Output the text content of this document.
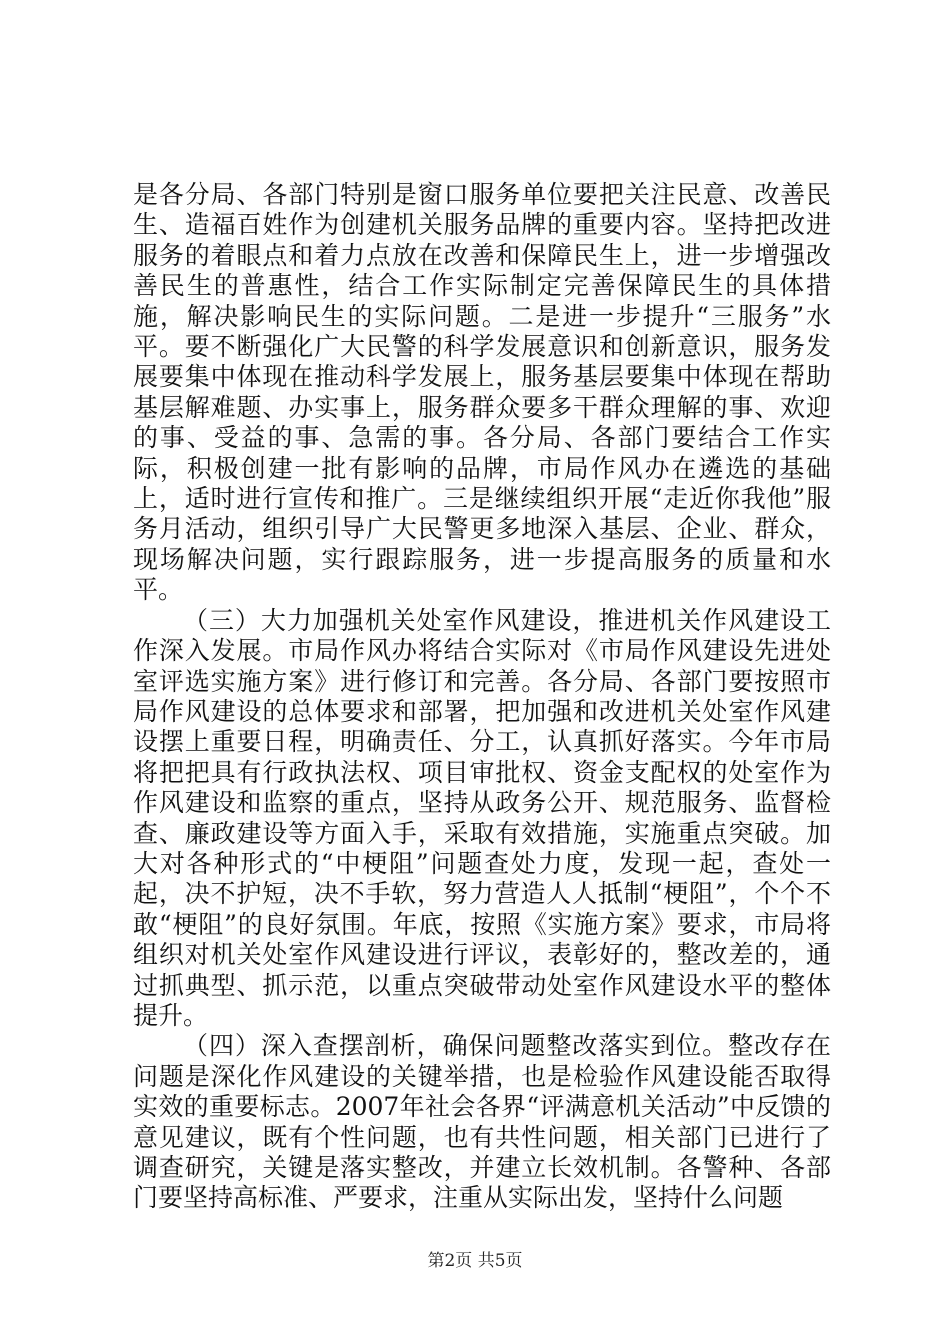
是各分局、各部门特别是窗口服务单位要把关注民意、改善民生、造福百姓作为创建机关服务品牌的重要内容。坚持把改进服务的着眼点和着力点放在改善和保障民生上，进一步增强改善民生的普惠性，结合工作实际制定完善保障民生的具体措施，解决影响民生的实际问题。二是进一步提升“三服务”水平。要不断强化广大民警的科学发展意识和创新意识，服务发展要集中体现在推动科学发展上，服务基层要集中体现在帮助基层解难题、办实事上，服务群众要多干群众理解的事、欢迎的事、受益的事、急需的事。各分局、各部门要结合工作实际，积极创建一批有影响的品牌，市局作风办在遴选的基础上，适时进行宣传和推广。三是继续组织开展“走近你我他”服务月活动，组织引导广大民警更多地深入基层、企业、群众，现场解决问题，实行跟踪服务，进一步提高服务的质量和水平。

（三）大力加强机关处室作风建设，推进机关作风建设工作深入发展。市局作风办将结合实际对《市局作风建设先进处室评选实施方案》进行修订和完善。各分局、各部门要按照市局作风建设的总体要求和部署，把加强和改进机关处室作风建设摆上重要日程，明确责任、分工，认真抓好落实。今年市局将把把具有行政执法权、项目审批权、资金支配权的处室作为作风建设和监察的重点，坚持从政务公开、规范服务、监督检查、廉政建设等方面入手，采取有效措施，实施重点突破。加大对各种形式的“中梗阻”问题查处力度，发现一起，查处一起，决不护短，决不手软，努力营造人人抵制“梗阻”，个个不敢“梗阻”的良好氛围。年底，按照《实施方案》要求，市局将组织对机关处室作风建设进行评议，表彰好的，整改差的，通过抓典型、抓示范，以重点突破带动处室作风建设水平的整体提升。

（四）深入查摆剖析，确保问题整改落实到位。整改存在问题是深化作风建设的关键举措，也是检验作风建设能否取得实效的重要标志。2007年社会各界“评满意机关活动”中反馈的意见建议，既有个性问题，也有共性问题，相关部门已进行了调查研究，关键是落实整改，并建立长效机制。各警种、各部门要坚持高标准、严要求，注重从实际出发，坚持什么问题

第2页 共5页
